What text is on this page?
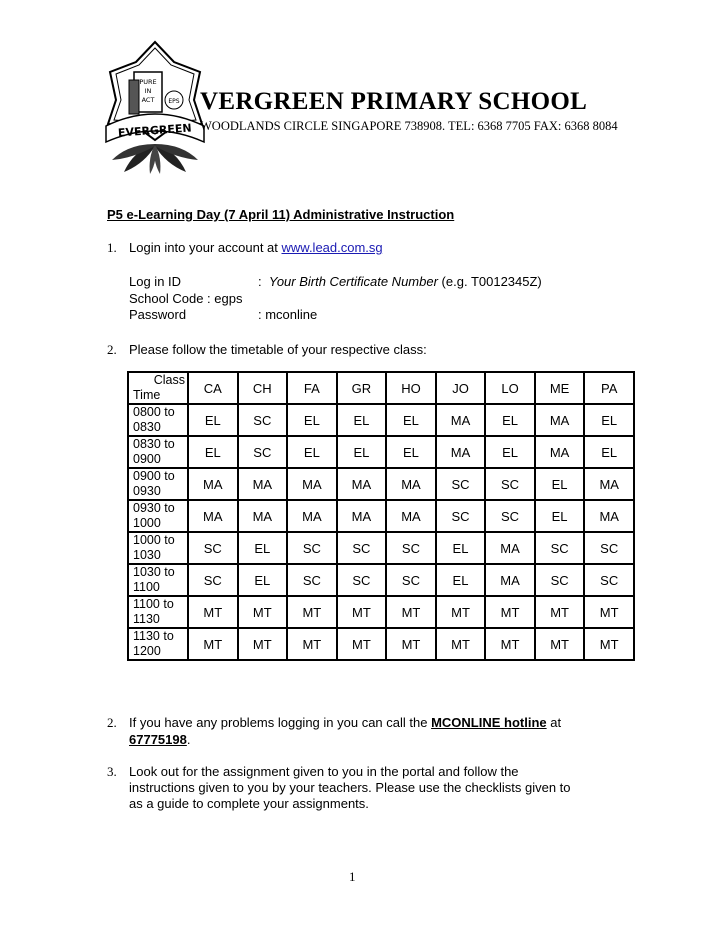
PURE
IN
ACT EPS
EVERGREEN
VERGREEN PRIMARY SCHOOL
WOODLANDS CIRCLE SINGAPORE 738908. TEL: 6368 7705 FAX: 6368 8084
P5 e-Learning Day (7 April 11) Administrative Instruction
1. Login into your account at www.lead.com.sg
Log in ID	: Your Birth Certificate Number (e.g. T0012345Z)
School Code : egps
Password	: mconline
2. Please follow the timetable of your respective class:
Class
Time	CA	CH	FA	GR	HO	JO	LO	ME	PA
0800 to
0830	EL	SC	EL	EL	EL	MA	EL	MA	EL
0830 to
0900	EL	SC	EL	EL	EL	MA	EL	MA	EL
0900 to
0930	MA	MA	MA	MA	MA	SC	SC	EL	MA
0930 to
1000	MA	MA	MA	MA	MA	SC	SC	EL	MA
1000 to
1030	SC	EL	SC	SC	SC	EL	MA	SC	SC
1030 to
1100	SC	EL	SC	SC	SC	EL	MA	SC	SC
1100 to
1130	MT	MT	MT	MT	MT	MT	MT	MT	MT
1130 to
1200	MT	MT	MT	MT	MT	MT	MT	MT	MT
2. If you have any problems logging in you can call the MCONLINE hotline at
67775198.
3. Look out for the assignment given to you in the portal and follow the
instructions given to you by your teachers. Please use the checklists given to
as a guide to complete your assignments.
1
